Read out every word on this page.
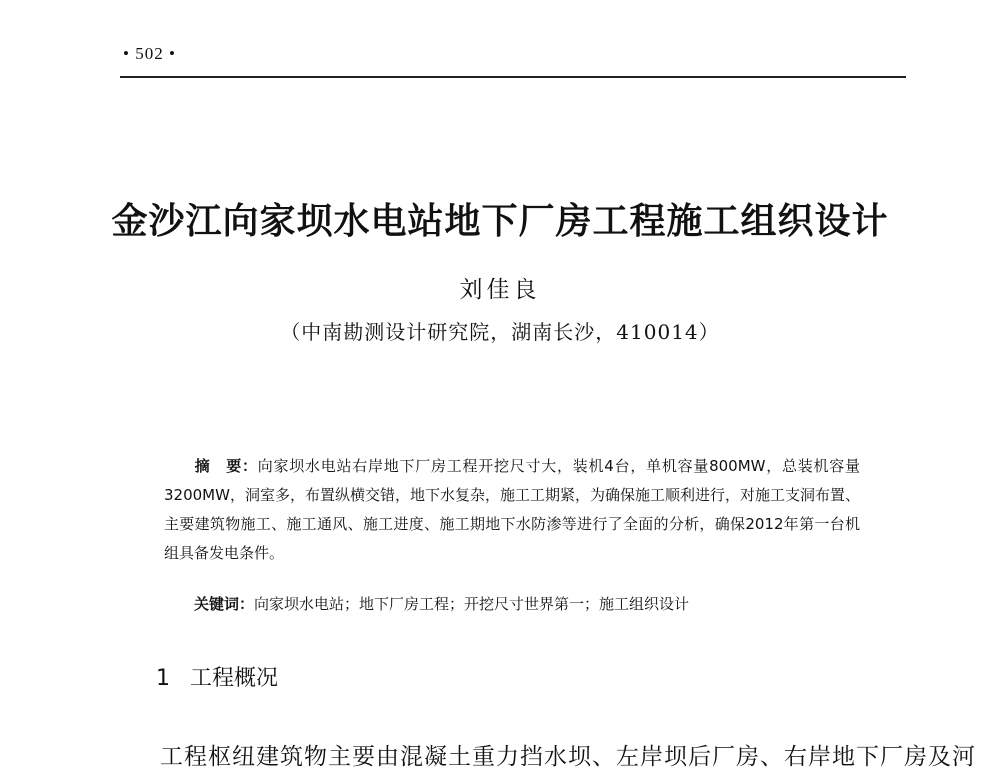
• 502 •
金沙江向家坝水电站地下厂房工程施工组织设计
刘佳良
（中南勘测设计研究院，湖南长沙，410014）

摘　要：向家坝水电站右岸地下厂房工程开挖尺寸大，装机4台，单机容量800MW，总装机容量3200MW，洞室多，布置纵横交错，地下水复杂，施工工期紧，为确保施工顺利进行，对施工支洞布置、主要建筑物施工、施工通风、施工进度、施工期地下水防渗等进行了全面的分析，确保2012年第一台机组具备发电条件。

关键词：向家坝水电站；地下厂房工程；开挖尺寸世界第一；施工组织设计
1 工程概况
工程枢纽建筑物主要由混凝土重力挡水坝、左岸坝后厂房、右岸地下厂房及河
